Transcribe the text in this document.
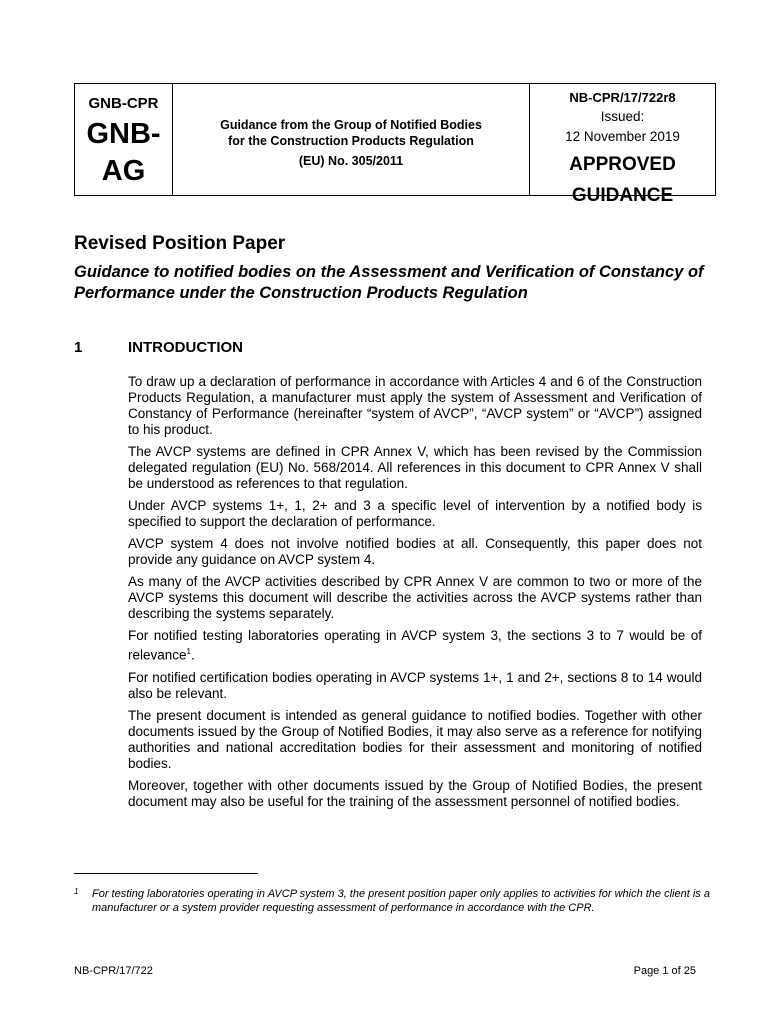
GNB-CPR
GNB-
AG
Guidance from the Group of Notified Bodies
for the Construction Products Regulation
(EU) No. 305/2011
NB-CPR/17/722r8
Issued:
12 November 2019
APPROVED
GUIDANCE
Revised Position Paper
Guidance to notified bodies on the Assessment and Verification of Constancy of Performance under the Construction Products Regulation
1	INTRODUCTION

To draw up a declaration of performance in accordance with Articles 4 and 6 of the Construction Products Regulation, a manufacturer must apply the system of Assessment and Verification of Constancy of Performance (hereinafter “system of AVCP”, “AVCP system” or “AVCP”) assigned to his product.

The AVCP systems are defined in CPR Annex V, which has been revised by the Commission delegated regulation (EU) No. 568/2014. All references in this document to CPR Annex V shall be understood as references to that regulation.

Under AVCP systems 1+, 1, 2+ and 3 a specific level of intervention by a notified body is specified to support the declaration of performance.

AVCP system 4 does not involve notified bodies at all. Consequently, this paper does not provide any guidance on AVCP system 4.

As many of the AVCP activities described by CPR Annex V are common to two or more of the AVCP systems this document will describe the activities across the AVCP systems rather than describing the systems separately.

For notified testing laboratories operating in AVCP system 3, the sections 3 to 7 would be of relevance$^1$.

For notified certification bodies operating in AVCP systems 1+, 1 and 2+, sections 8 to 14 would also be relevant.

The present document is intended as general guidance to notified bodies. Together with other documents issued by the Group of Notified Bodies, it may also serve as a reference for notifying authorities and national accreditation bodies for their assessment and monitoring of notified bodies.

Moreover, together with other documents issued by the Group of Notified Bodies, the present document may also be useful for the training of the assessment personnel of notified bodies.

1 For testing laboratories operating in AVCP system 3, the present position paper only applies to activities for which the client is a manufacturer or a system provider requesting assessment of performance in accordance with the CPR.
NB-CPR/17/722	Page 1 of 25
